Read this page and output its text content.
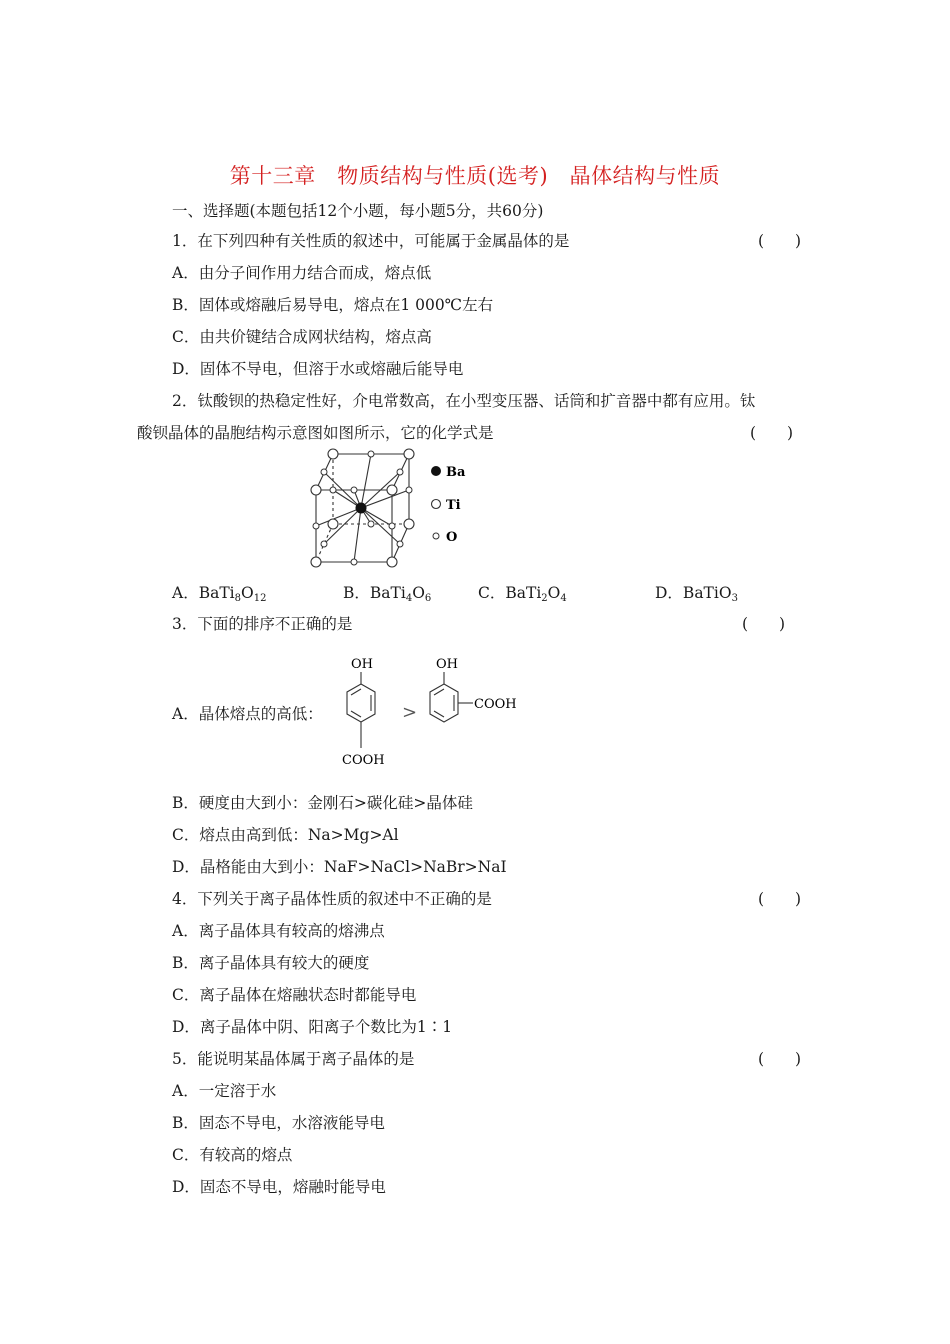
第十三章　物质结构与性质(选考)　晶体结构与性质
一、选择题(本题包括12个小题，每小题5分，共60分)
1．在下列四种有关性质的叙述中，可能属于金属晶体的是	(　　)
A．由分子间作用力结合而成，熔点低
B．固体或熔融后易导电，熔点在1 000℃左右
C．由共价键结合成网状结构，熔点高
D．固体不导电，但溶于水或熔融后能导电
2．钛酸钡的热稳定性好，介电常数高，在小型变压器、话筒和扩音器中都有应用。钛
酸钡晶体的晶胞结构示意图如图所示，它的化学式是	(　　)
Ba
Ti
O
A．$BaTi_8O_{12}$	B．$BaTi_4O_6$	C．$BaTi_2O_4$	D．BaTiO$_3$
3．下面的排序不正确的是	(　　)
A．晶体熔点的高低：
OH
COOH
>
OH
COOH
B．硬度由大到小：金刚石>碳化硅>晶体硅
C．熔点由高到低：Na>Mg>Al
D．晶格能由大到小：NaF>NaCl>NaBr>NaI
4．下列关于离子晶体性质的叙述中不正确的是	(　　)
A．离子晶体具有较高的熔沸点
B．离子晶体具有较大的硬度
C．离子晶体在熔融状态时都能导电
D．离子晶体中阴、阳离子个数比为1∶1
5．能说明某晶体属于离子晶体的是	(　　)
A．一定溶于水
B．固态不导电，水溶液能导电
C．有较高的熔点
D．固态不导电，熔融时能导电
